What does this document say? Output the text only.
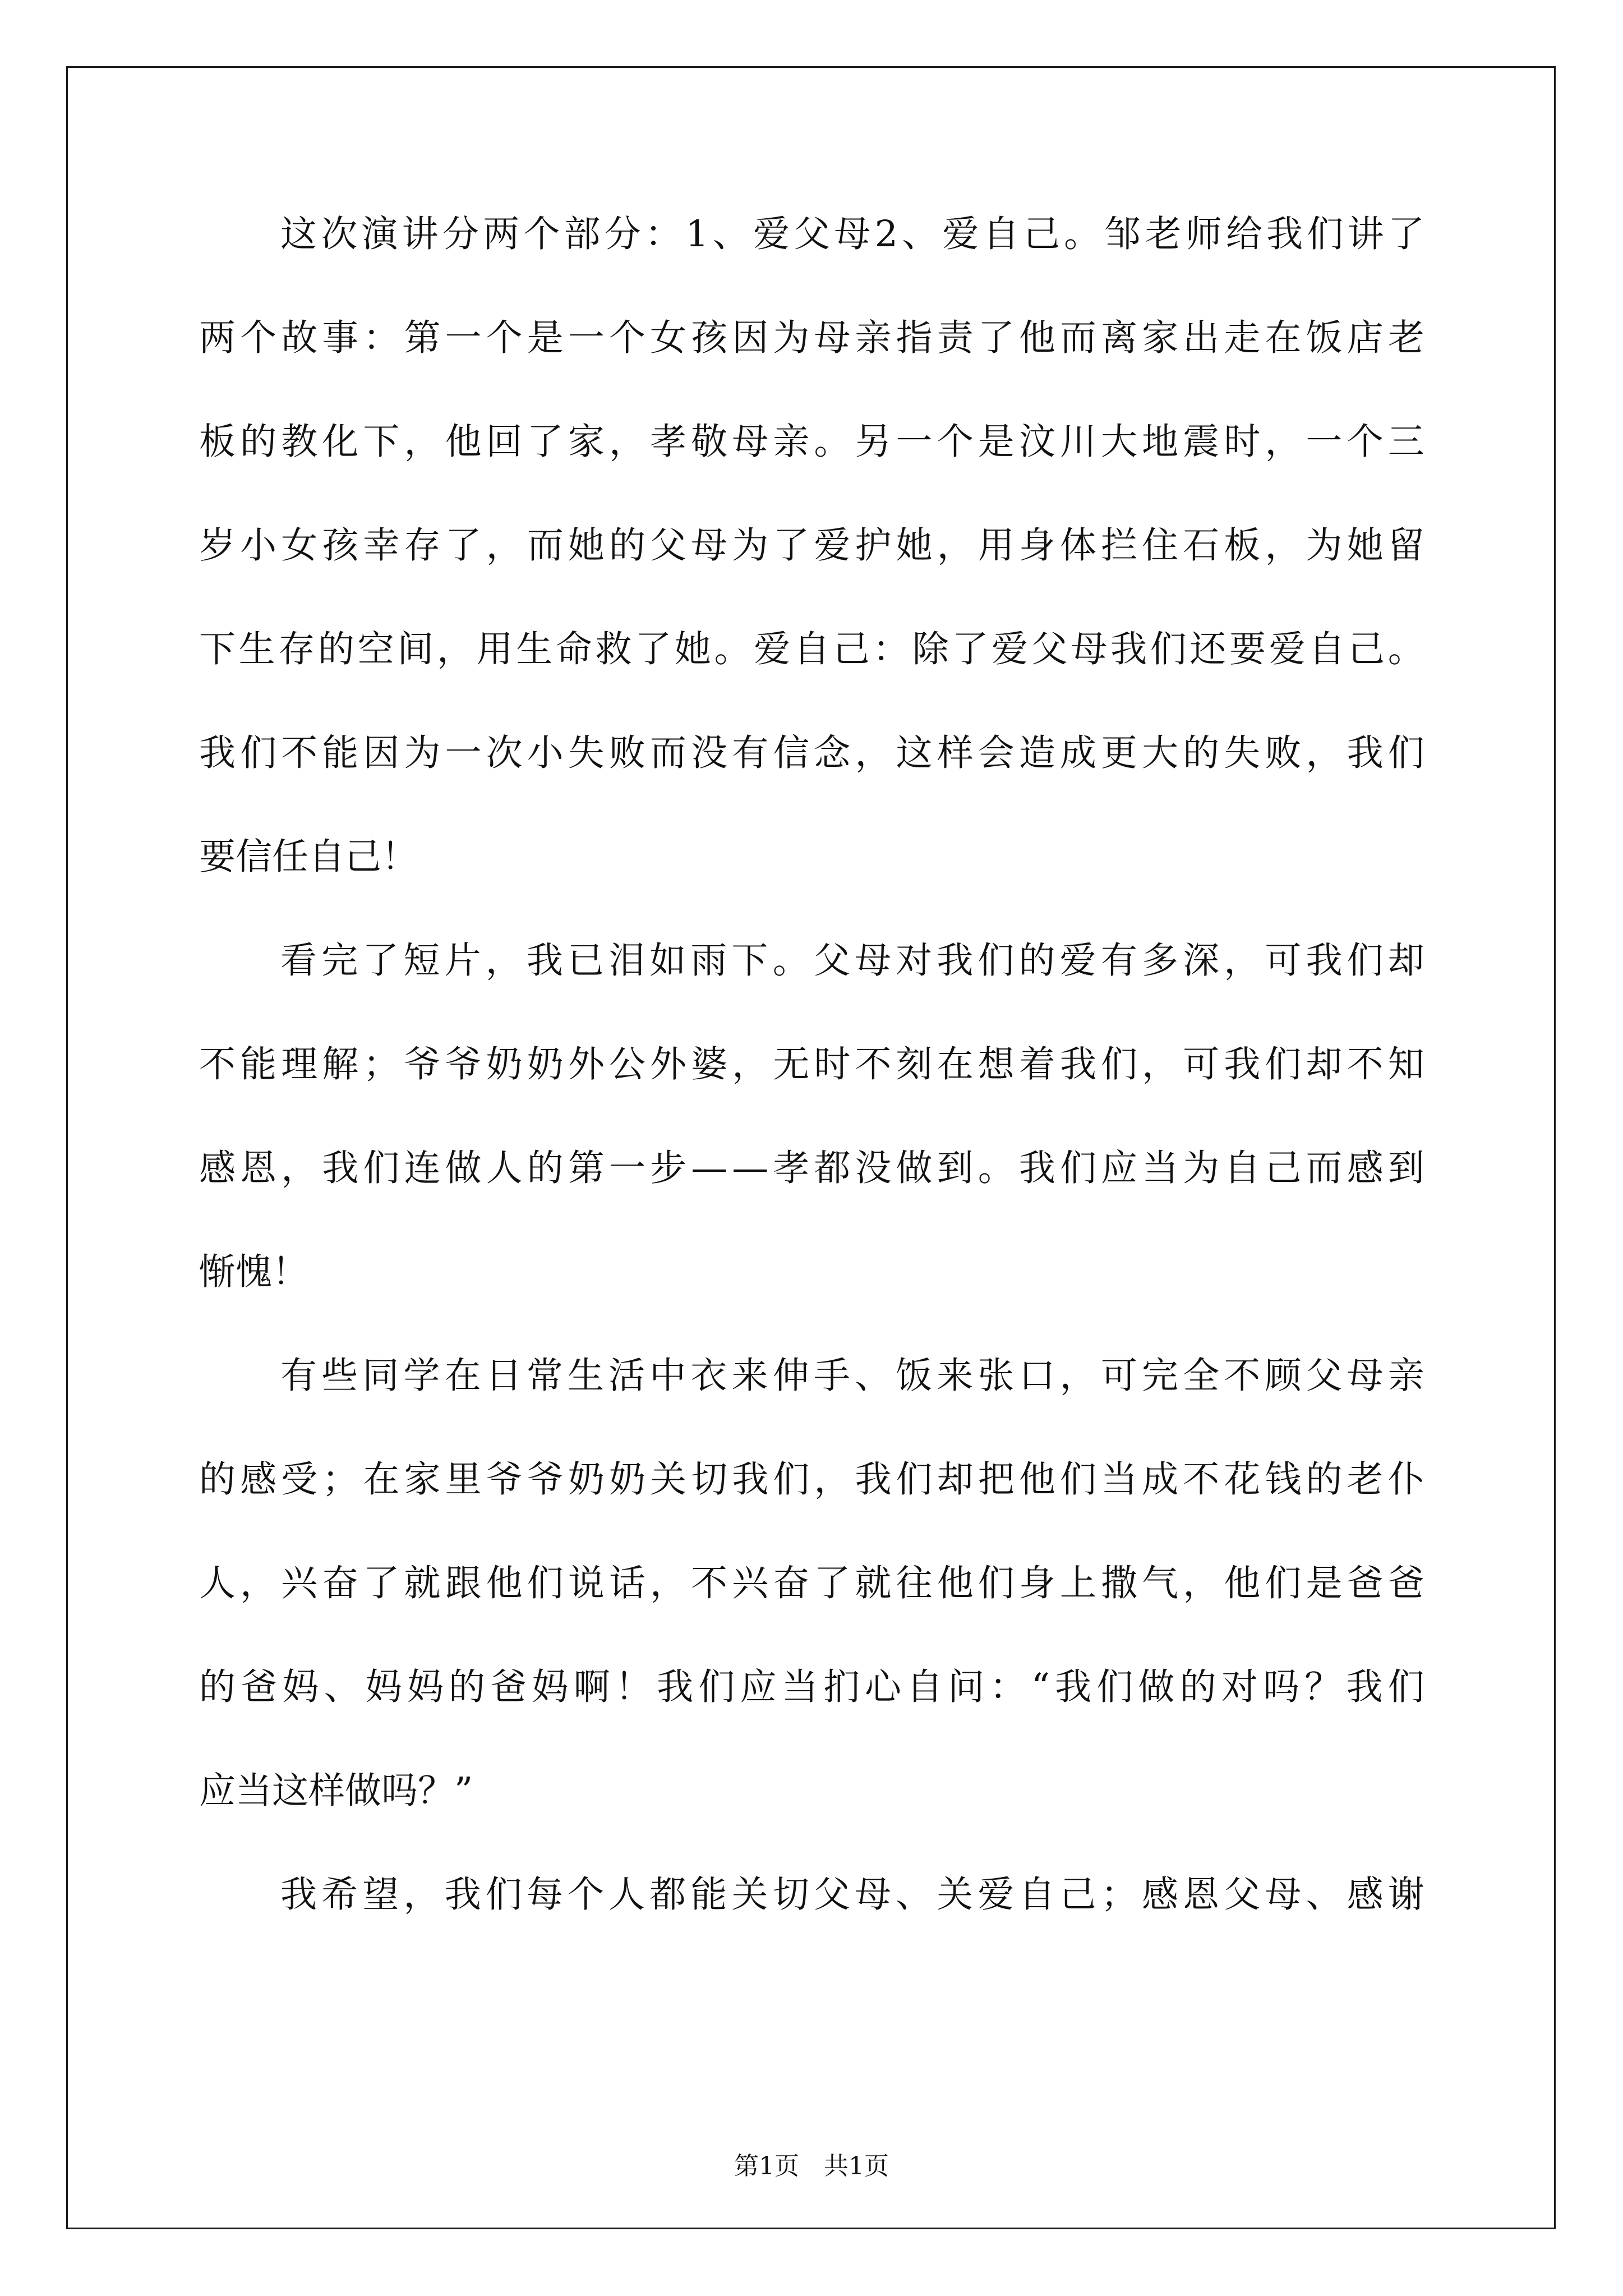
这 次 演 讲 分 两 个 部 分 ： 1 、 爱 父 母 2 、 爱 自 己 。 邹 老 师 给 我 们 讲 了
两 个 故 事 ： 第 一 个 是 一 个 女 孩 因 为 母 亲 指 责 了 他 而 离 家 出 走 在 饭 店 老
板 的 教 化 下 ， 他 回 了 家 ， 孝 敬 母 亲 。 另 一 个 是 汶 川 大 地 震 时 ， 一 个 三
岁 小 女 孩 幸 存 了 ， 而 她 的 父 母 为 了 爱 护 她 ， 用 身 体 拦 住 石 板 ， 为 她 留
下 生 存 的 空 间 ， 用 生 命 救 了 她 。 爱 自 己 ： 除 了 爱 父 母 我 们 还 要 爱 自 己 。
我 们 不 能 因 为 一 次 小 失 败 而 没 有 信 念 ， 这 样 会 造 成 更 大 的 失 败 ， 我 们
要信任自己！
看 完 了 短 片 ， 我 已 泪 如 雨 下 。 父 母 对 我 们 的 爱 有 多 深 ， 可 我 们 却
不 能 理 解 ； 爷 爷 奶 奶 外 公 外 婆 ， 无 时 不 刻 在 想 着 我 们 ， 可 我 们 却 不 知
感 恩 ， 我 们 连 做 人 的 第 一 步 — — 孝 都 没 做 到 。 我 们 应 当 为 自 己 而 感 到
惭愧！
有 些 同 学 在 日 常 生 活 中 衣 来 伸 手 、 饭 来 张 口 ， 可 完 全 不 顾 父 母 亲
的 感 受 ； 在 家 里 爷 爷 奶 奶 关 切 我 们 ， 我 们 却 把 他 们 当 成 不 花 钱 的 老 仆
人 ， 兴 奋 了 就 跟 他 们 说 话 ， 不 兴 奋 了 就 往 他 们 身 上 撒 气 ， 他 们 是 爸 爸
的 爸 妈 、 妈 妈 的 爸 妈 啊 ！ 我 们 应 当 扪 心 自 问 ： “ 我 们 做 的 对 吗 ？ 我 们
应当这样做吗？”
我 希 望 ， 我 们 每 个 人 都 能 关 切 父 母 、 关 爱 自 己 ； 感 恩 父 母 、 感 谢
第1页　共1页
